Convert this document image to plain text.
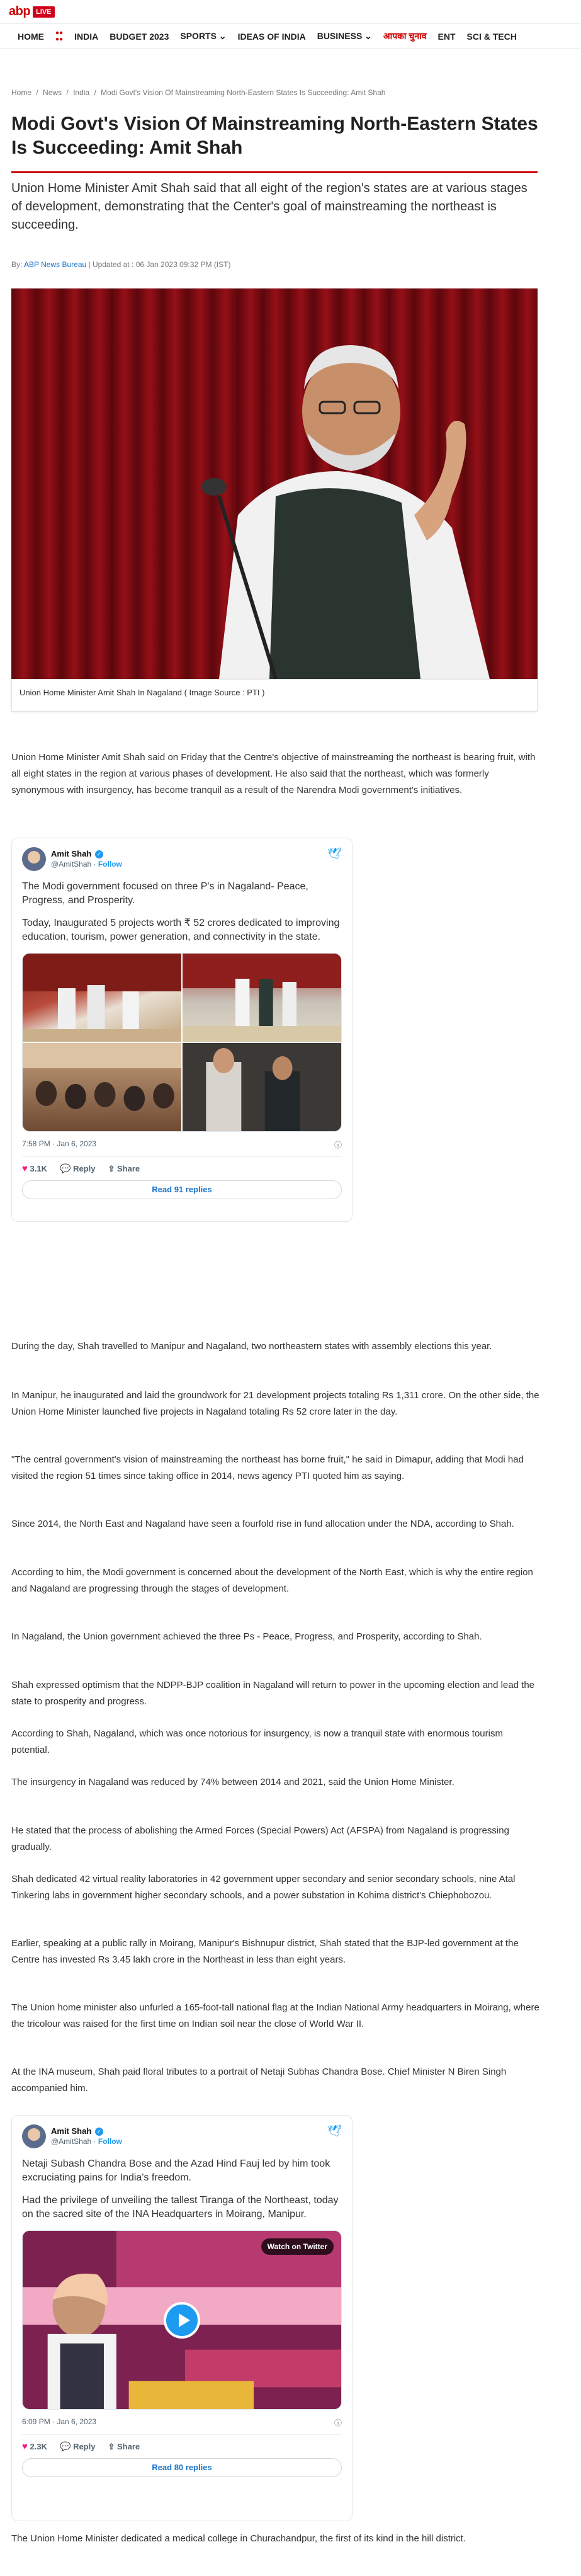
abp LIVE
HOME ●●
●● INDIA BUDGET 2023 SPORTS ⌄ IDEAS OF INDIA BUSINESS ⌄ आपका चुनाव ENT SCI & TECH
Home / News / India / Modi Govt's Vision Of Mainstreaming North-Eastern States Is Succeeding: Amit Shah
Modi Govt's Vision Of Mainstreaming North-Eastern States Is Succeeding: Amit Shah

Union Home Minister Amit Shah said that all eight of the region's states are at various stages of development, demonstrating that the Center's goal of mainstreaming the northeast is succeeding.

By: ABP News Bureau | Updated at : 06 Jan 2023 09:32 PM (IST)
Union Home Minister Amit Shah In Nagaland ( Image Source : PTI )

Union Home Minister Amit Shah said on Friday that the Centre's objective of mainstreaming the northeast is bearing fruit, with all eight states in the region at various phases of development. He also said that the northeast, which was formerly synonymous with insurgency, has become tranquil as a result of the Narendra Modi government's initiatives.

Amit Shah ✓
@AmitShah · Follow
🕊

The Modi government focused on three P's in Nagaland- Peace, Progress, and Prosperity.

Today, Inaugurated 5 projects worth ₹ 52 crores dedicated to improving education, tourism, power generation, and connectivity in the state.

7:58 PM · Jan 6, 2023	ⓘ
♥ 3.1K 💬 Reply ⇪ Share
Read 91 replies

During the day, Shah travelled to Manipur and Nagaland, two northeastern states with assembly elections this year.

In Manipur, he inaugurated and laid the groundwork for 21 development projects totaling Rs 1,311 crore. On the other side, the Union Home Minister launched five projects in Nagaland totaling Rs 52 crore later in the day.

"The central government's vision of mainstreaming the northeast has borne fruit," he said in Dimapur, adding that Modi had visited the region 51 times since taking office in 2014, news agency PTI quoted him as saying.

Since 2014, the North East and Nagaland have seen a fourfold rise in fund allocation under the NDA, according to Shah.

According to him, the Modi government is concerned about the development of the North East, which is why the entire region and Nagaland are progressing through the stages of development.

In Nagaland, the Union government achieved the three Ps - Peace, Progress, and Prosperity, according to Shah.

Shah expressed optimism that the NDPP-BJP coalition in Nagaland will return to power in the upcoming election and lead the state to prosperity and progress.

According to Shah, Nagaland, which was once notorious for insurgency, is now a tranquil state with enormous tourism potential.

The insurgency in Nagaland was reduced by 74% between 2014 and 2021, said the Union Home Minister.

He stated that the process of abolishing the Armed Forces (Special Powers) Act (AFSPA) from Nagaland is progressing gradually.

Shah dedicated 42 virtual reality laboratories in 42 government upper secondary and senior secondary schools, nine Atal Tinkering labs in government higher secondary schools, and a power substation in Kohima district's Chiephobozou.

Earlier, speaking at a public rally in Moirang, Manipur's Bishnupur district, Shah stated that the BJP-led government at the Centre has invested Rs 3.45 lakh crore in the Northeast in less than eight years.

The Union home minister also unfurled a 165-foot-tall national flag at the Indian National Army headquarters in Moirang, where the tricolour was raised for the first time on Indian soil near the close of World War II.

At the INA museum, Shah paid floral tributes to a portrait of Netaji Subhas Chandra Bose. Chief Minister N Biren Singh accompanied him.

Amit Shah ✓
@AmitShah · Follow
🕊

Netaji Subash Chandra Bose and the Azad Hind Fauj led by him took excruciating pains for India's freedom.

Had the privilege of unveiling the tallest Tiranga of the Northeast, today on the sacred site of the INA Headquarters in Moirang, Manipur.

Watch on Twitter
6:09 PM · Jan 6, 2023	ⓘ
♥ 2.3K 💬 Reply ⇪ Share
Read 80 replies

The Union Home Minister dedicated a medical college in Churachandpur, the first of its kind in the hill district.
